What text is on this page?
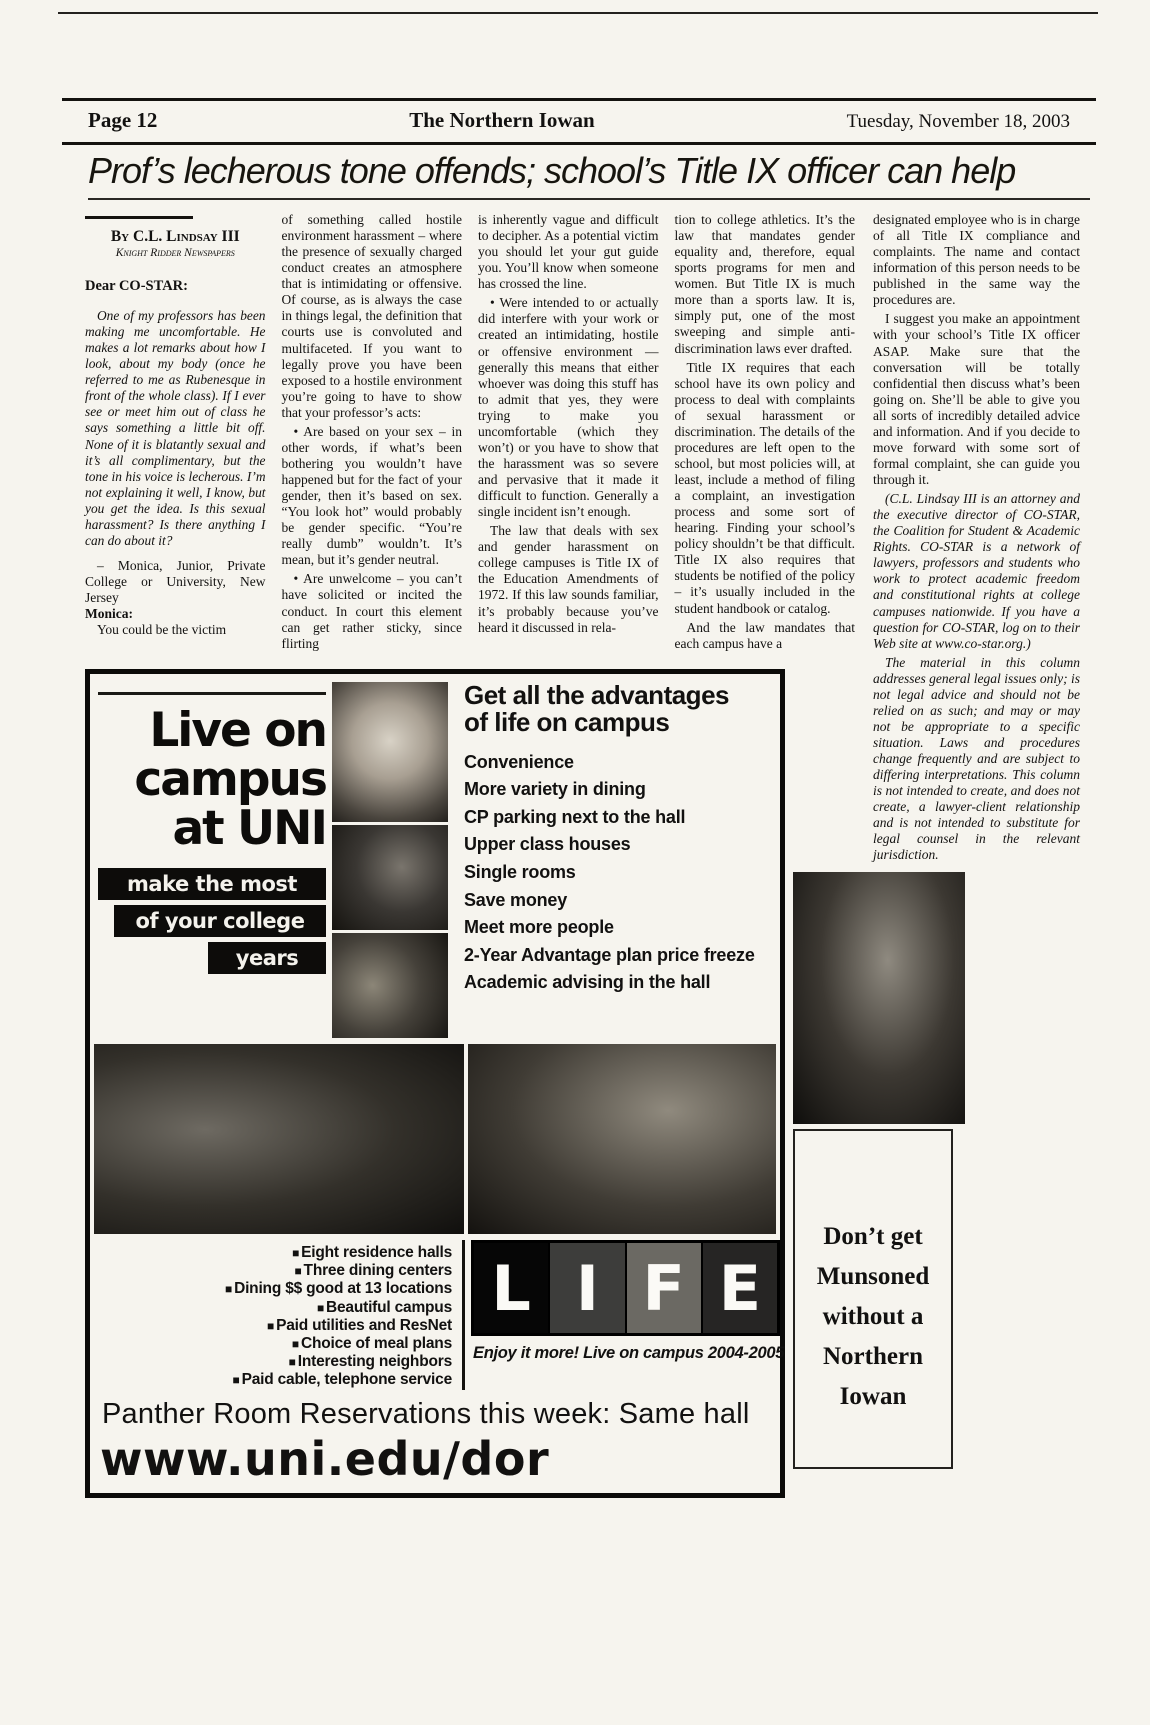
Page 12	The Northern Iowan	Tuesday, November 18, 2003
Prof’s lecherous tone offends; school’s Title IX officer can help
By C.L. Lindsay III
Knight Ridder Newspapers

Dear CO-STAR:

One of my professors has been making me uncomfortable. He makes a lot remarks about how I look, about my body (once he referred to me as Rubenesque in front of the whole class). If I ever see or meet him out of class he says something a little bit off. None of it is blatantly sexual and it’s all complimentary, but the tone in his voice is lecherous. I’m not explaining it well, I know, but you get the idea. Is this sexual harassment? Is there anything I can do about it?

– Monica, Junior, Private College or University, New Jersey

Monica:

You could be the victim

of something called hostile environment harassment – where the presence of sexually charged conduct creates an atmosphere that is intimidating or offensive. Of course, as is always the case in things legal, the definition that courts use is convoluted and multifaceted. If you want to legally prove you have been exposed to a hostile environment you’re going to have to show that your professor’s acts:

• Are based on your sex – in other words, if what’s been bothering you wouldn’t have happened but for the fact of your gender, then it’s based on sex. “You look hot” would probably be gender specific. “You’re really dumb” wouldn’t. It’s mean, but it’s gender neutral.

• Are unwelcome – you can’t have solicited or incited the conduct. In court this element can get rather sticky, since flirting

is inherently vague and difficult to decipher. As a potential victim you should let your gut guide you. You’ll know when someone has crossed the line.

• Were intended to or actually did interfere with your work or created an intimidating, hostile or offensive environment — generally this means that either whoever was doing this stuff has to admit that yes, they were trying to make you uncomfortable (which they won’t) or you have to show that the harassment was so severe and pervasive that it made it difficult to function. Generally a single incident isn’t enough.

The law that deals with sex and gender harassment on college campuses is Title IX of the Education Amendments of 1972. If this law sounds familiar, it’s probably because you’ve heard it discussed in rela-

tion to college athletics. It’s the law that mandates gender equality and, therefore, equal sports programs for men and women. But Title IX is much more than a sports law. It is, simply put, one of the most sweeping and simple anti-discrimination laws ever drafted.

Title IX requires that each school have its own policy and process to deal with complaints of sexual harassment or discrimination. The details of the procedures are left open to the school, but most policies will, at least, include a method of filing a complaint, an investigation process and some sort of hearing. Finding your school’s policy shouldn’t be that difficult. Title IX also requires that students be notified of the policy – it’s usually included in the student handbook or catalog.

And the law mandates that each campus have a

Live on
campus
at UNI
make the most
of your college
years
Get all the advantages
of life on campus
Convenience
More variety in dining
CP parking next to the hall
Upper class houses
Single rooms
Save money
Meet more people
2-Year Advantage plan price freeze
Academic advising in the hall
■ Eight residence halls
■ Three dining centers
■ Dining $$ good at 13 locations
■ Beautiful campus
■ Paid utilities and ResNet
■ Choice of meal plans
■ Interesting neighbors
■ Paid cable, telephone service
L I F E
Enjoy it more! Live on campus 2004-2005
Panther Room Reservations this week: Same hall
www.uni.edu/dor

designated employee who is in charge of all Title IX compliance and complaints. The name and contact information of this person needs to be published in the same way the procedures are.

I suggest you make an appointment with your school’s Title IX officer ASAP. Make sure that the conversation will be totally confidential then discuss what’s been going on. She’ll be able to give you all sorts of incredibly detailed advice and information. And if you decide to move forward with some sort of formal complaint, she can guide you through it.

(C.L. Lindsay III is an attorney and the executive director of CO-STAR, the Coalition for Student & Academic Rights. CO-STAR is a network of lawyers, professors and students who work to protect academic freedom and constitutional rights at college campuses nationwide. If you have a question for CO-STAR, log on to their Web site at www.co-star.org.)

The material in this column addresses general legal issues only; is not legal advice and should not be relied on as such; and may or may not be appropriate to a specific situation. Laws and procedures change frequently and are subject to differing interpretations. This column is not intended to create, and does not create, a lawyer-client relationship and is not intended to substitute for legal counsel in the relevant jurisdiction.

Don’t get
Munsoned
without a
Northern
Iowan
